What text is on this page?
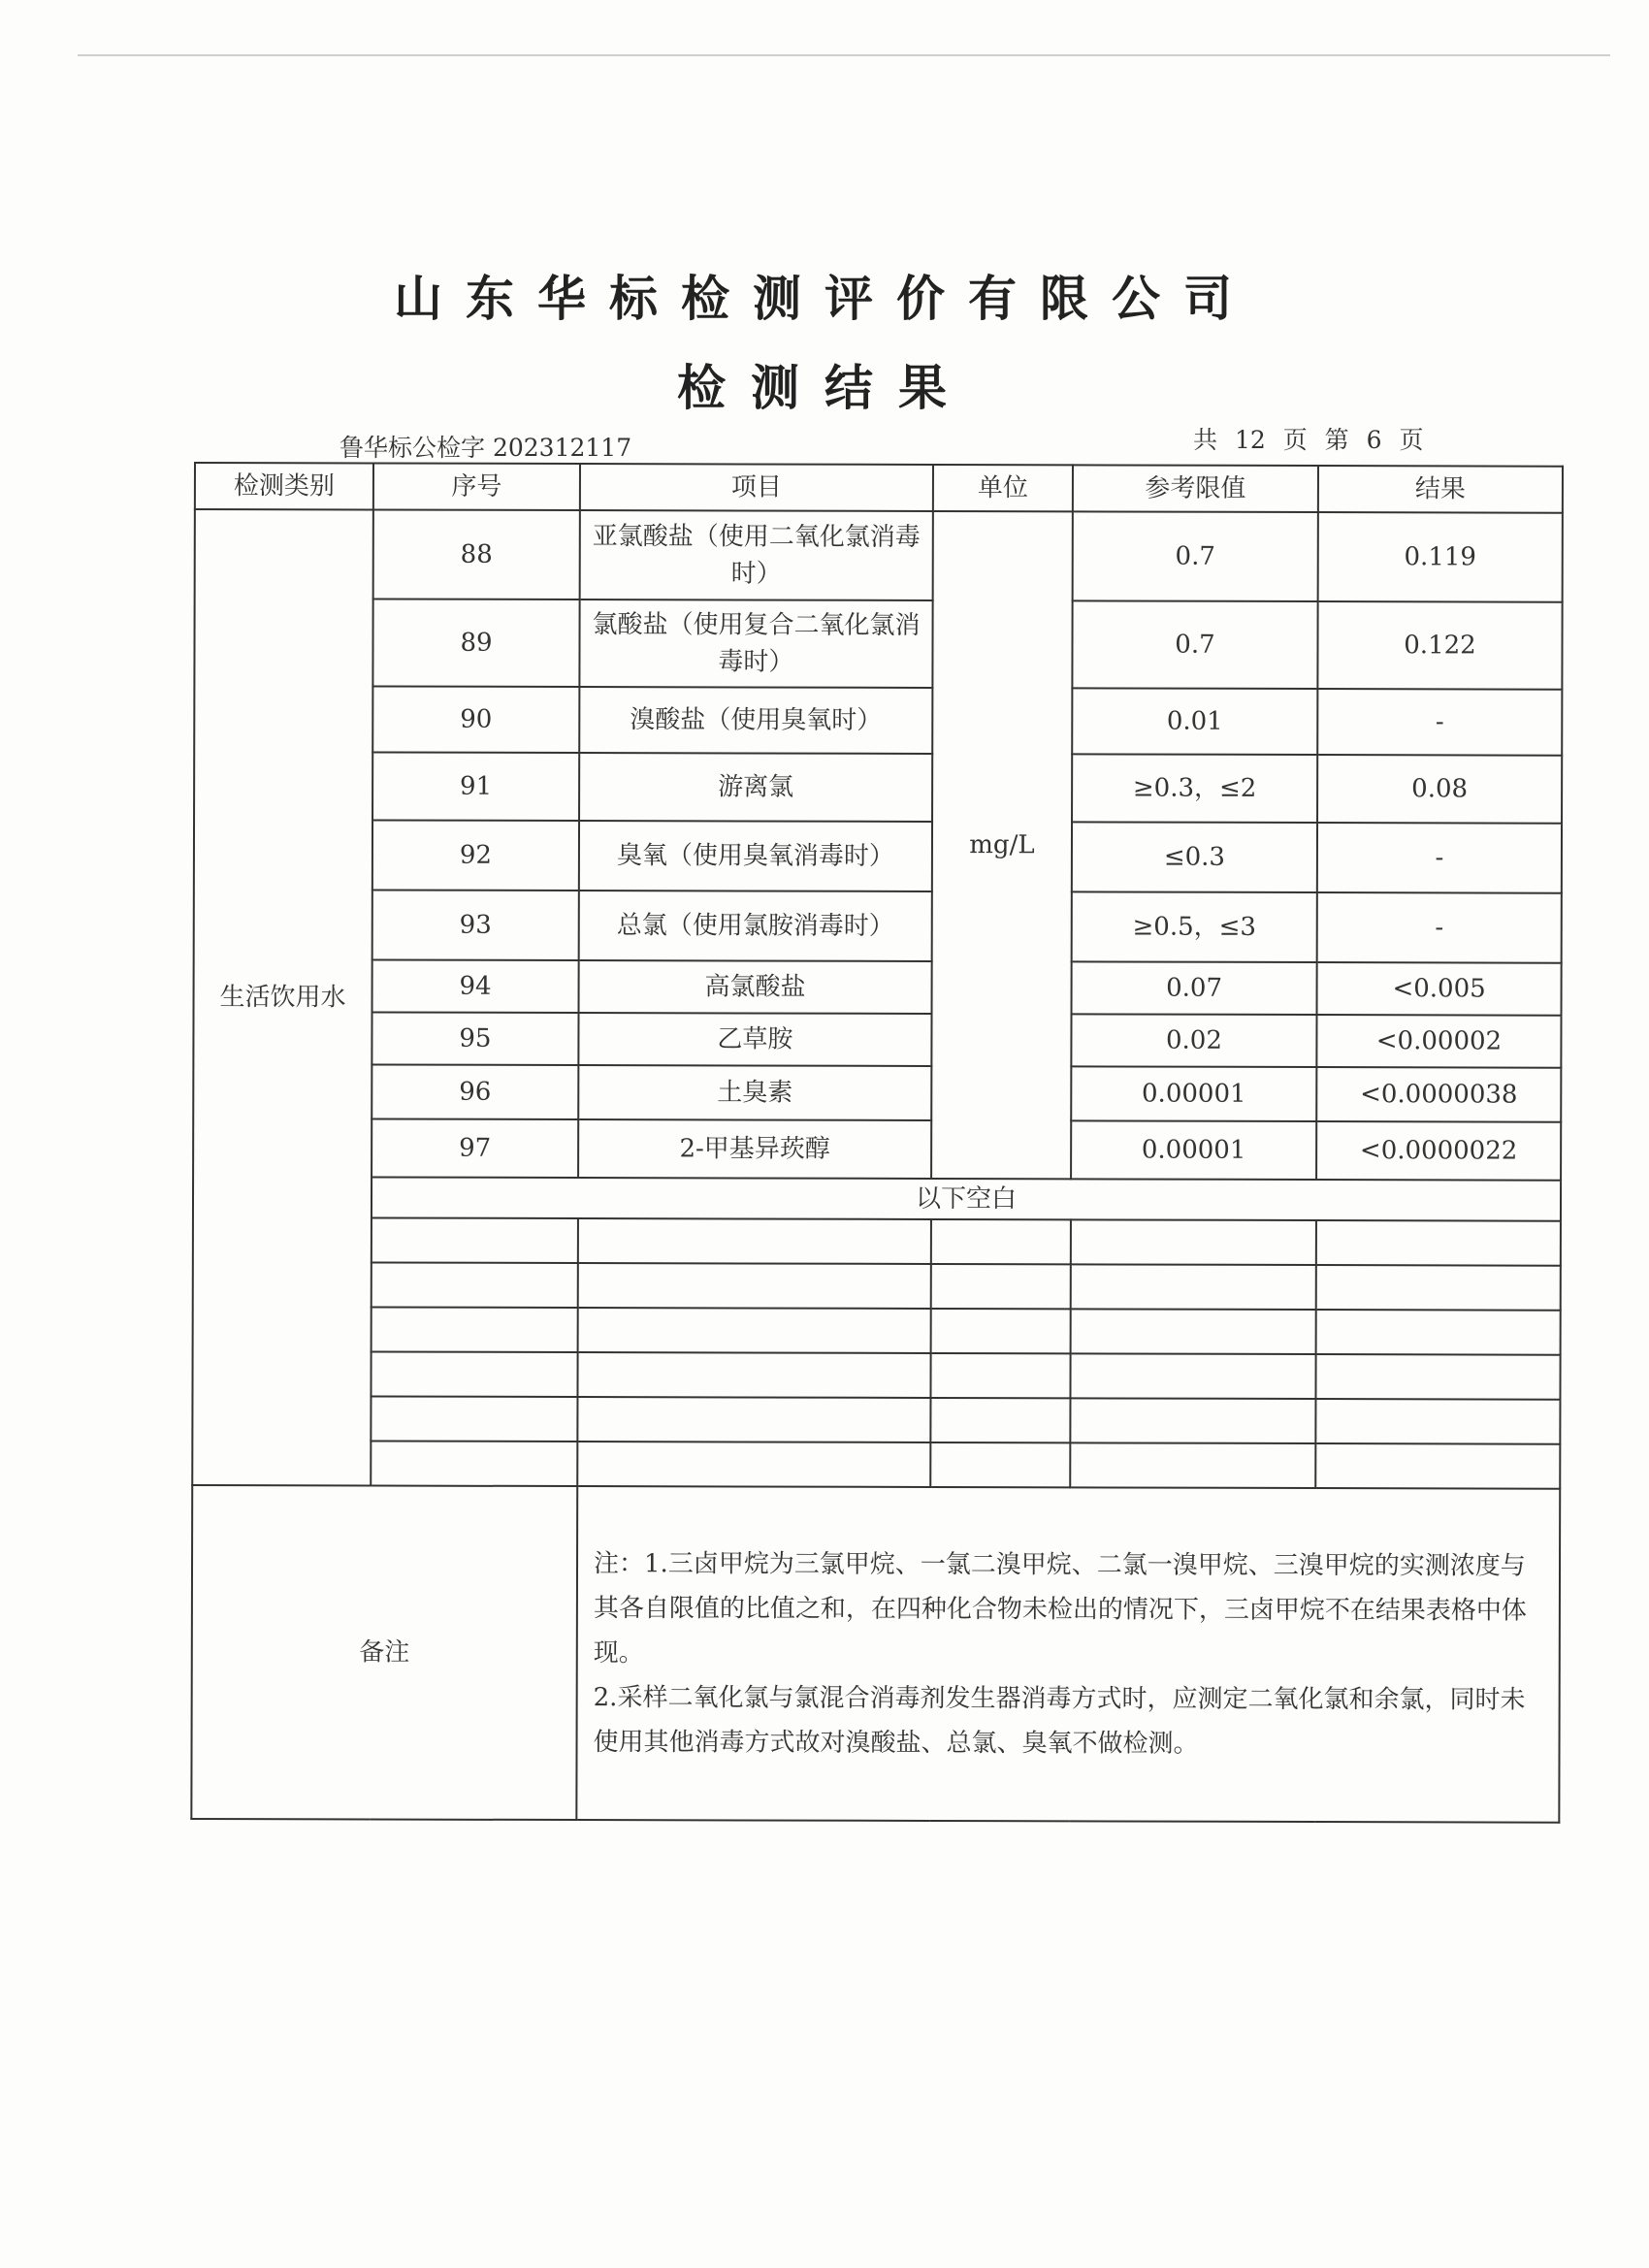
山东华标检测评价有限公司
检测结果
鲁华标公检字 202312117	共 12 页 第 6 页
检测类别	序号	项目	单位	参考限值	结果
生活饮用水	88	亚氯酸盐（使用二氧化氯消毒时）	mg/L	0.7	0.119
	89	氯酸盐（使用复合二氧化氯消毒时）		0.7	0.122
	90	溴酸盐（使用臭氧时）		0.01	-
	91	游离氯		≥0.3，≤2	0.08
	92	臭氧（使用臭氧消毒时）		≤0.3	-
	93	总氯（使用氯胺消毒时）		≥0.5，≤3	-
	94	高氯酸盐		0.07	<0.005
	95	乙草胺		0.02	<0.00002
	96	土臭素		0.00001	<0.0000038
	97	2-甲基异莰醇		0.00001	<0.0000022
	以下空白				

备注		注：1.三卤甲烷为三氯甲烷、一氯二溴甲烷、二氯一溴甲烷、三溴甲烷的实测浓度与其各自限值的比值之和，在四种化合物未检出的情况下，三卤甲烷不在结果表格中体现。
2.采样二氧化氯与氯混合消毒剂发生器消毒方式时，应测定二氧化氯和余氯，同时未使用其他消毒方式故对溴酸盐、总氯、臭氧不做检测。			
